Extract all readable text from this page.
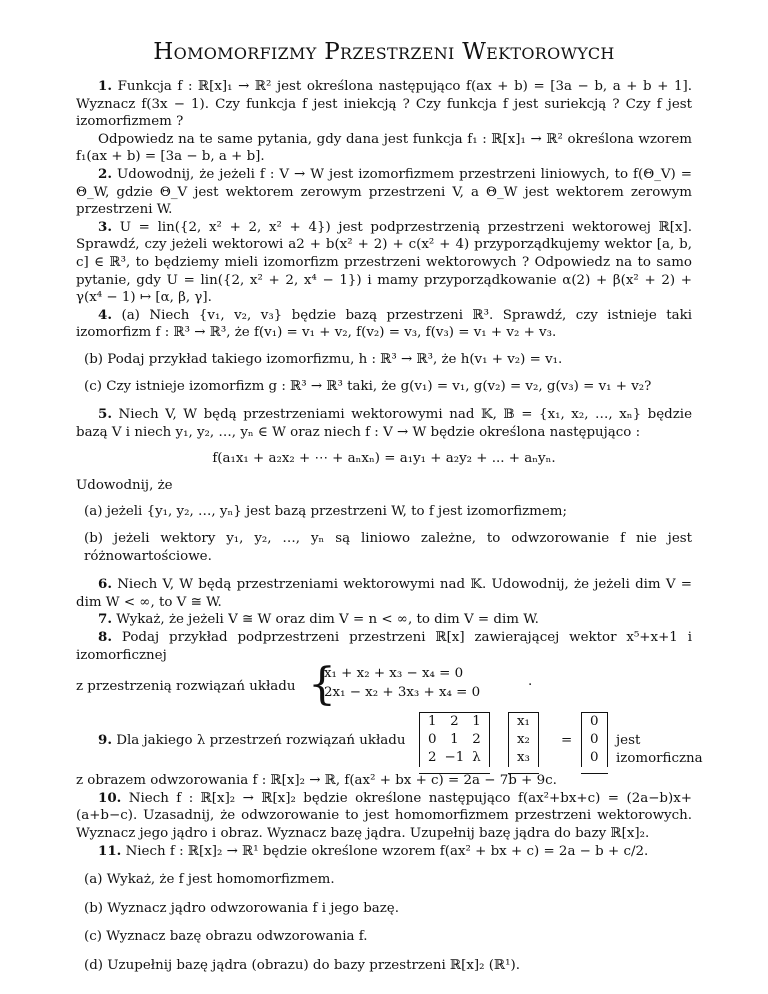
Homomorfizmy Przestrzeni Wektorowych

1. Funkcja f : ℝ[x]₁ → ℝ² jest określona następująco f(ax + b) = [3a − b, a + b + 1]. Wyznacz f(3x − 1). Czy funkcja f jest iniekcją ? Czy funkcja f jest suriekcją ? Czy f jest izomorfizmem ?

Odpowiedz na te same pytania, gdy dana jest funkcja f₁ : ℝ[x]₁ → ℝ² określona wzorem f₁(ax + b) = [3a − b, a + b].

2. Udowodnij, że jeżeli f : V → W jest izomorfizmem przestrzeni liniowych, to f(Θ_V) = Θ_W, gdzie Θ_V jest wektorem zerowym przestrzeni V, a Θ_W jest wektorem zerowym przestrzeni W.

3. U = lin({2, x² + 2, x² + 4}) jest podprzestrzenią przestrzeni wektorowej ℝ[x]. Sprawdź, czy jeżeli wektorowi a2 + b(x² + 2) + c(x² + 4) przyporządkujemy wektor [a, b, c] ∈ ℝ³, to będziemy mieli izomorfizm przestrzeni wektorowych ? Odpowiedz na to samo pytanie, gdy U = lin({2, x² + 2, x⁴ − 1}) i mamy przyporządkowanie α(2) + β(x² + 2) + γ(x⁴ − 1) ↦ [α, β, γ].

4. (a) Niech {v₁, v₂, v₃} będzie bazą przestrzeni ℝ³. Sprawdź, czy istnieje taki izomorfizm f : ℝ³ → ℝ³, że f(v₁) = v₁ + v₂, f(v₂) = v₃, f(v₃) = v₁ + v₂ + v₃.

(b) Podaj przykład takiego izomorfizmu, h : ℝ³ → ℝ³, że h(v₁ + v₂) = v₁.

(c) Czy istnieje izomorfizm g : ℝ³ → ℝ³ taki, że g(v₁) = v₁, g(v₂) = v₂, g(v₃) = v₁ + v₂?

5. Niech V, W będą przestrzeniami wektorowymi nad 𝕂, 𝔹 = {x₁, x₂, …, xₙ} będzie bazą V i niech y₁, y₂, …, yₙ ∈ W oraz niech f : V → W będzie określona następująco :

f(a₁x₁ + a₂x₂ + ⋯ + aₙxₙ) = a₁y₁ + a₂y₂ + ... + aₙyₙ.

Udowodnij, że

(a) jeżeli {y₁, y₂, …, yₙ} jest bazą przestrzeni W, to f jest izomorfizmem;

(b) jeżeli wektory y₁, y₂, …, yₙ są liniowo zależne, to odwzorowanie f nie jest różnowartościowe.

6. Niech V, W będą przestrzeniami wektorowymi nad 𝕂. Udowodnij, że jeżeli dim V = dim W < ∞, to V ≅ W.

7. Wykaż, że jeżeli V ≅ W oraz dim V = n < ∞, to dim V = dim W.

8. Podaj przykład podprzestrzeni przestrzeni ℝ[x] zawierającej wektor x⁵+x+1 i izomorficznej

z przestrzenią rozwiązań układu {
x₁ + x₂ + x₃ − x₄ = 0
2x₁ − x₂ + 3x₃ + x₄ = 0
.
9. Dla jakiego λ przestrzeń rozwiązań układu
1	2	1
0	1	2
2	−1	λ
x₁
x₂
x₃
=
0
0
0
jest izomorficzna

z obrazem odwzorowania f : ℝ[x]₂ → ℝ, f(ax² + bx + c) = 2a − 7b + 9c.

10. Niech f : ℝ[x]₂ → ℝ[x]₂ będzie określone następująco f(ax²+bx+c) = (2a−b)x+(a+b−c). Uzasadnij, że odwzorowanie to jest homomorfizmem przestrzeni wektorowych. Wyznacz jego jądro i obraz. Wyznacz bazę jądra. Uzupełnij bazę jądra do bazy ℝ[x]₂.

11. Niech f : ℝ[x]₂ → ℝ¹ będzie określone wzorem f(ax² + bx + c) = 2a − b + c/2.

(a) Wykaż, że f jest homomorfizmem.

(b) Wyznacz jądro odwzorowania f i jego bazę.

(c) Wyznacz bazę obrazu odwzorowania f.

(d) Uzupełnij bazę jądra (obrazu) do bazy przestrzeni ℝ[x]₂ (ℝ¹).
